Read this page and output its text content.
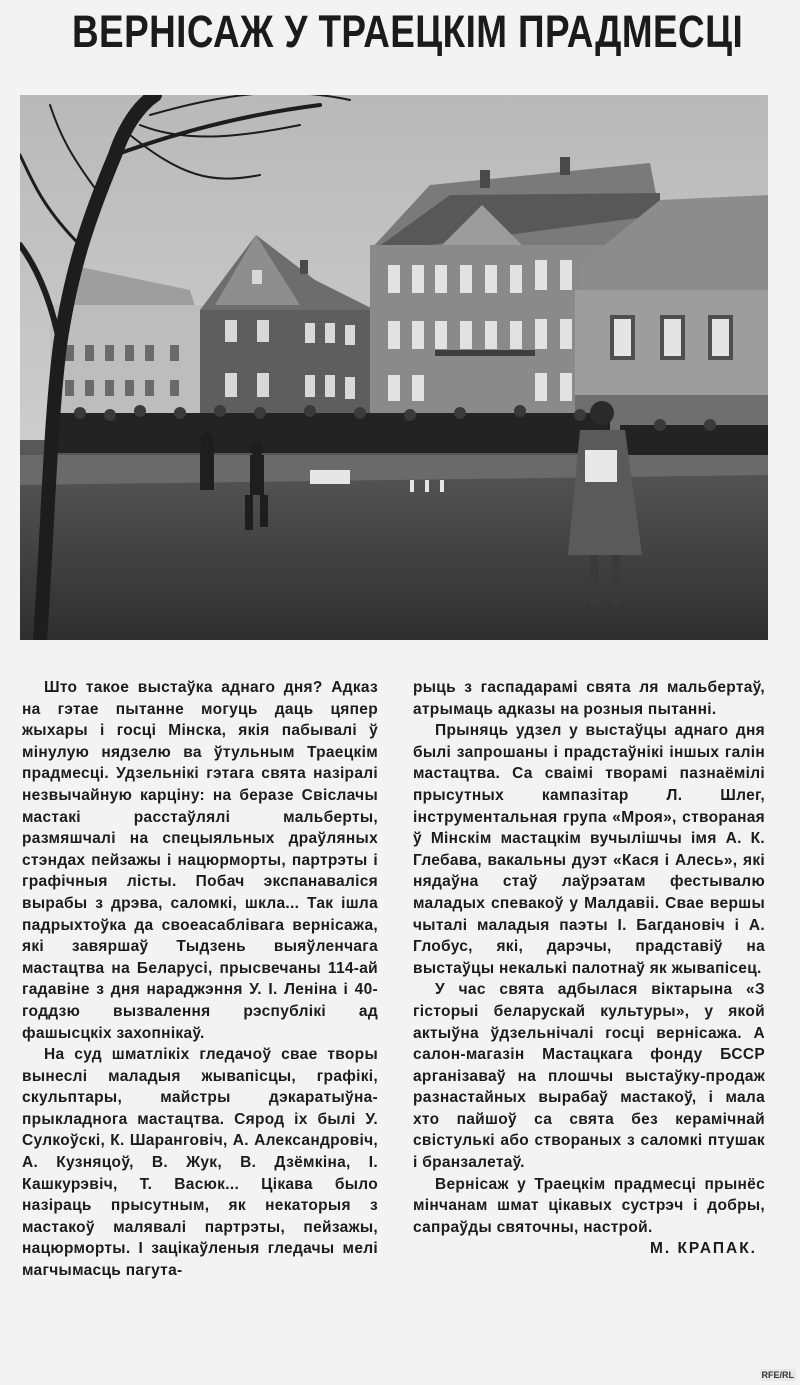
ВЕРНІСАЖ У ТРАЕЦКІМ ПРАДМЕСЦІ

Што такое выстаўка аднаго дня? Адказ на гэтае пытанне могуць даць цяпер жыхары і госці Мінска, якія пабывалі ў мінулую нядзелю ва ўтульным Траецкім прадмесці. Удзельнікі гэтага свята назіралі незвычайную карціну: на беразе Свіслачы мастакі расстаўлялі мальберты, размяшчалі на спецыяльных драўляных стэндах пейзажы і нацюрморты, партрэты і графічныя лісты. Побач экспанаваліся вырабы з дрэва, саломкі, шкла... Так ішла падрыхтоўка да своеасаблівага вернісажа, які завяршаў Тыдзень выяўленчага мастацтва на Беларусі, прысвечаны 114-ай гадавіне з дня нараджэння У. І. Леніна і 40-годдзю вызвалення рэспублікі ад фашысцкіх захопнікаў.

На суд шматлікіх гледачоў свае творы вынеслі маладыя жывапісцы, графікі, скульптары, майстры дэкаратыўна-прыкладнога мастацтва. Сярод іх былі У. Сулкоўскі, К. Шаранговіч, А. Александровіч, А. Кузняцоў, В. Жук, В. Дзёмкіна, І. Кашкурэвіч, Т. Васюк... Цікава было назіраць прысутным, як некаторыя з мастакоў малявалі партрэты, пейзажы, нацюрморты. І зацікаўленыя гледачы мелі магчымасць пагута-

рыць з гаспадарамі свята ля мальбертаў, атрымаць адказы на розныя пытанні.

Прыняць удзел у выстаўцы аднаго дня былі запрошаны і прадстаўнікі іншых галін мастацтва. Са сваімі творамі пазнаёмілі прысутных кампазітар Л. Шлег, інструментальная група «Мроя», створаная ў Мінскім мастацкім вучылішчы імя А. К. Глебава, вакальны дуэт «Кася і Алесь», які нядаўна стаў лаўрэатам фестывалю маладых спевакоў у Малдавіі. Свае вершы чыталі маладыя паэты І. Багдановіч і А. Глобус, які, дарэчы, прадставіў на выстаўцы некалькі палотнаў як жывапісец.

У час свята адбылася віктарына «З гісторыі беларускай культуры», у якой актыўна ўдзельнічалі госці вернісажа. А салон-магазін Мастацкага фонду БССР арганізаваў на плошчы выстаўку-продаж разнастайных вырабаў мастакоў, і мала хто пайшоў са свята без керамічнай свістулькі або створаных з саломкі птушак і бранзалетаў.

Вернісаж у Траецкім прадмесці прынёс мінчанам шмат цікавых сустрэч і добры, сапраўды святочны, настрой.

М. КРАПАК.
RFE/RL
